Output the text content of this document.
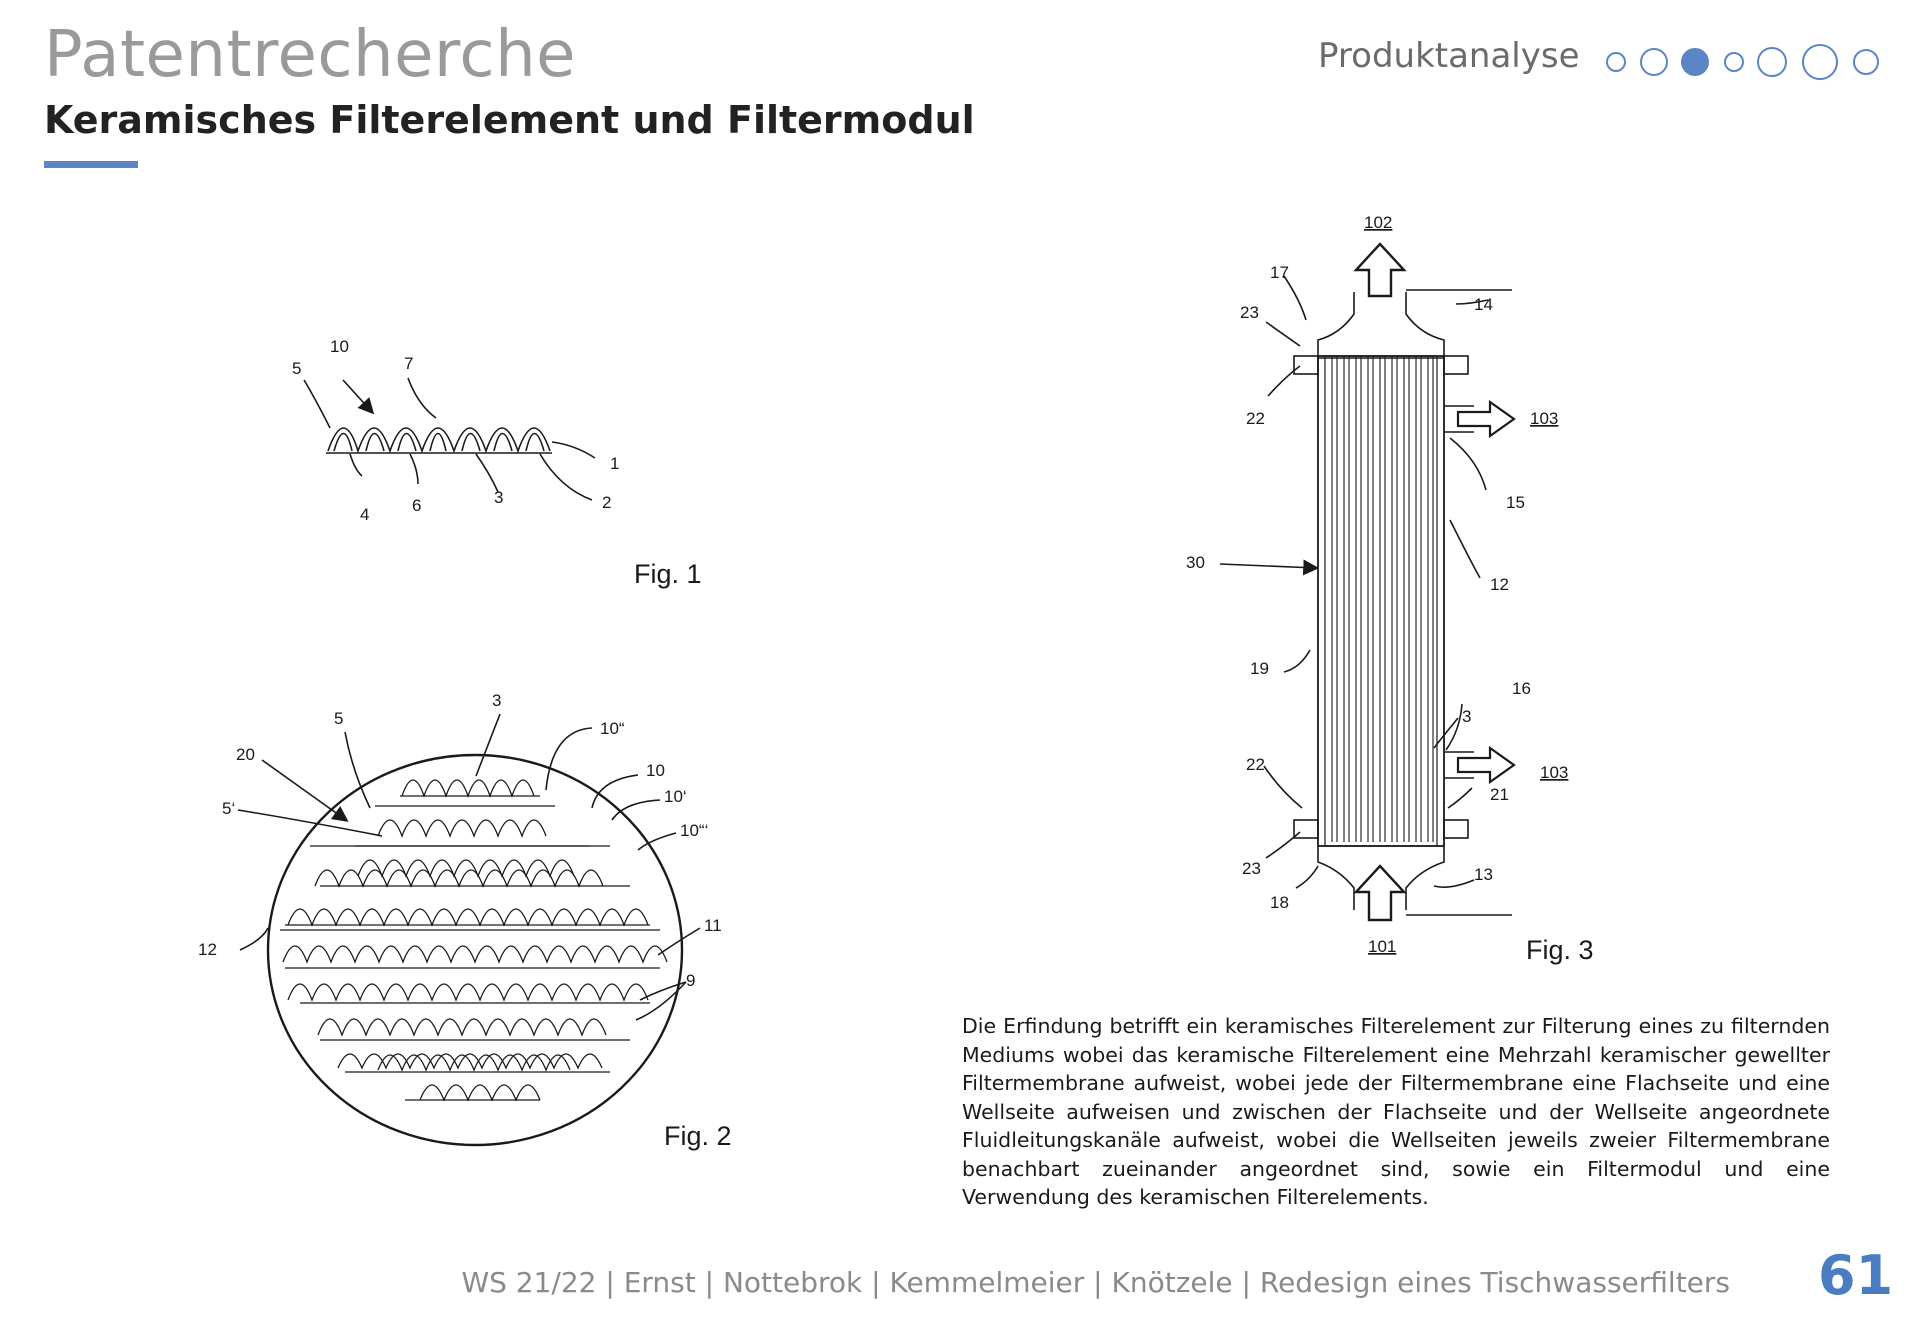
Patentrecherche
Keramisches Filterelement und Filtermodul
Produktanalyse
10
5	7
1
4	6	3	2
Fig. 1
3
10“
5
20
10
5‘
10‘
10“‘
12
11
9
Fig. 2
102
17
14
23
22	103
15
30
12
19
16
3
22	103
21
23	13
18
101	Fig. 3
Die Erfindung betrifft ein keramisches Filterelement zur Filterung eines zu filternden Mediums wobei das keramische Filterelement eine Mehrzahl keramischer gewellter Filtermembrane aufweist, wobei jede der Filtermembrane eine Flachseite und eine Wellseite aufweisen und zwischen der Flachseite und der Wellseite angeordnete Fluidleitungskanäle aufweist, wobei die Wellseiten jeweils zweier Filtermembrane benachbart zueinander angeordnet sind, sowie ein Filtermodul und eine Verwendung des keramischen Filterelements.
WS 21/22 | Ernst | Nottebrok | Kemmelmeier | Knötzele | Redesign eines Tischwasserfilters 61
